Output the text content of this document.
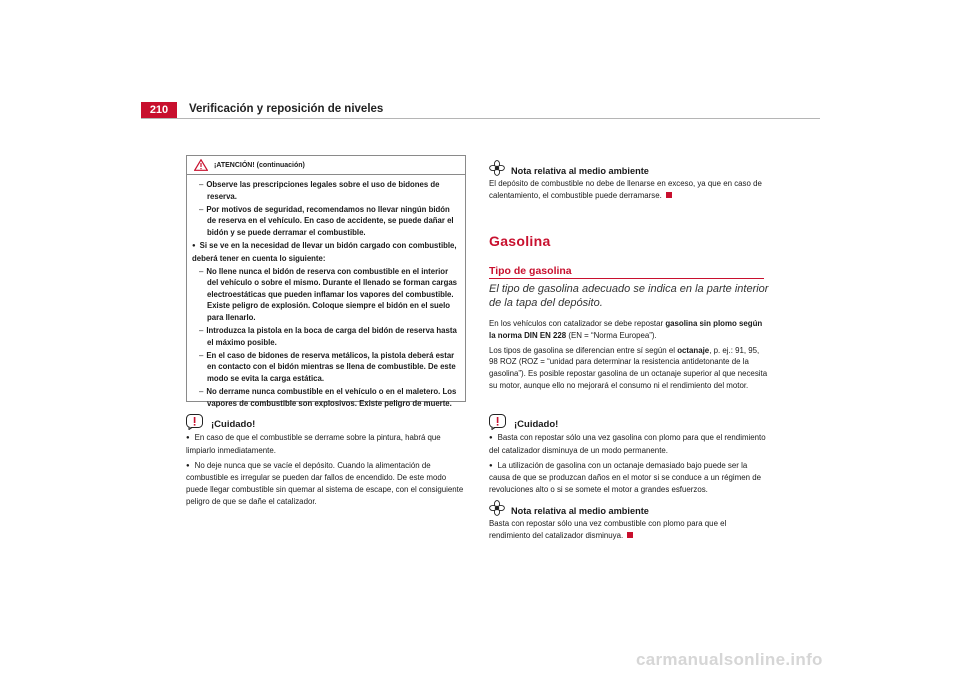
210	Verificación y reposición de niveles
¡ATENCIÓN! (continuación)

– Observe las prescripciones legales sobre el uso de bidones de reserva.

– Por motivos de seguridad, recomendamos no llevar ningún bidón de reserva en el vehículo. En caso de accidente, se puede dañar el bidón y se puede derramar el combustible.

● Si se ve en la necesidad de llevar un bidón cargado con combustible, deberá tener en cuenta lo siguiente:

– No llene nunca el bidón de reserva con combustible en el interior del vehículo o sobre el mismo. Durante el llenado se forman cargas electroestáticas que pueden inflamar los vapores del combustible. Existe peligro de explosión. Coloque siempre el bidón en el suelo para llenarlo.

– Introduzca la pistola en la boca de carga del bidón de reserva hasta el máximo posible.

– En el caso de bidones de reserva metálicos, la pistola deberá estar en contacto con el bidón mientras se llena de combustible. De este modo se evita la carga estática.

– No derrame nunca combustible en el vehículo o en el maletero. Los vapores de combustible son explosivos. Existe peligro de muerte.

¡Cuidado!

● En caso de que el combustible se derrame sobre la pintura, habrá que limpiarlo inmediatamente.

● No deje nunca que se vacíe el depósito. Cuando la alimentación de combustible es irregular se pueden dar fallos de encendido. De este modo puede llegar combustible sin quemar al sistema de escape, con el consiguiente peligro de que se dañe el catalizador.

Nota relativa al medio ambiente

El depósito de combustible no debe de llenarse en exceso, ya que en caso de calentamiento, el combustible puede derramarse.

Gasolina
Tipo de gasolina
El tipo de gasolina adecuado se indica en la parte interior de la tapa del depósito.

En los vehículos con catalizador se debe repostar gasolina sin plomo según la norma DIN EN 228 (EN = “Norma Europea”).

Los tipos de gasolina se diferencian entre sí según el octanaje, p. ej.: 91, 95, 98 ROZ (ROZ = “unidad para determinar la resistencia antidetonante de la gasolina”). Es posible repostar gasolina de un octanaje superior al que necesita su motor, aunque ello no mejorará el consumo ni el rendimiento del motor.

¡Cuidado!

● Basta con repostar sólo una vez gasolina con plomo para que el rendimiento del catalizador disminuya de un modo permanente.

● La utilización de gasolina con un octanaje demasiado bajo puede ser la causa de que se produzcan daños en el motor si se conduce a un régimen de revoluciones alto o si se somete el motor a grandes esfuerzos.

Nota relativa al medio ambiente

Basta con repostar sólo una vez combustible con plomo para que el rendimiento del catalizador disminuya.

carmanualsonline.info
